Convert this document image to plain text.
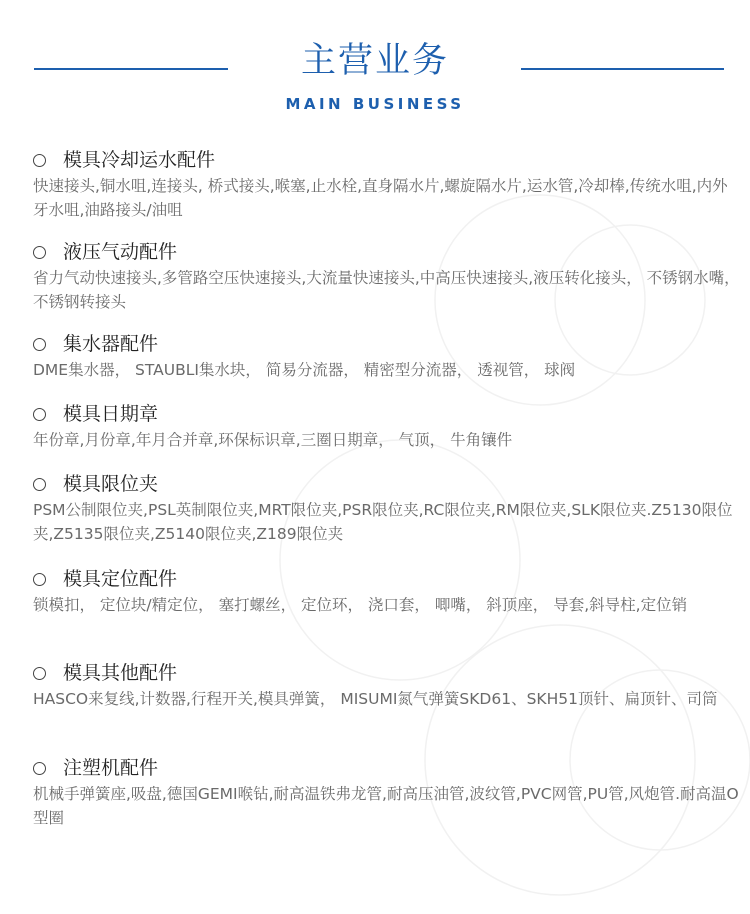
主营业务
MAIN BUSINESS
模具冷却运水配件
快速接头,铜水咀,连接头, 桥式接头,喉塞,止水栓,直身隔水片,螺旋隔水片,运水管,冷却棒,传统水咀,内外牙水咀,油路接头/油咀
液压气动配件
省力气动快速接头,多管路空压快速接头,大流量快速接头,中高压快速接头,液压转化接头， 不锈钢水嘴， 不锈钢转接头
集水器配件
DME集水器， STAUBLI集水块， 简易分流器， 精密型分流器， 透视管， 球阀
模具日期章
年份章,月份章,年月合并章,环保标识章,三圈日期章， 气顶， 牛角镶件
模具限位夹
PSM公制限位夹,PSL英制限位夹,MRT限位夹,PSR限位夹,RC限位夹,RM限位夹,SLK限位夹.Z5130限位夹,Z5135限位夹,Z5140限位夹,Z189限位夹
模具定位配件
锁模扣， 定位块/精定位， 塞打螺丝， 定位环， 浇口套， 唧嘴， 斜顶座， 导套,斜导柱,定位销
模具其他配件
HASCO来复线,计数器,行程开关,模具弹簧， MISUMI氮气弹簧SKD61、SKH51顶针、扁顶针、司筒
注塑机配件
机械手弹簧座,吸盘,德国GEMI喉钻,耐高温铁弗龙管,耐高压油管,波纹管,PVC网管,PU管,风炮管.耐高温O型圈
